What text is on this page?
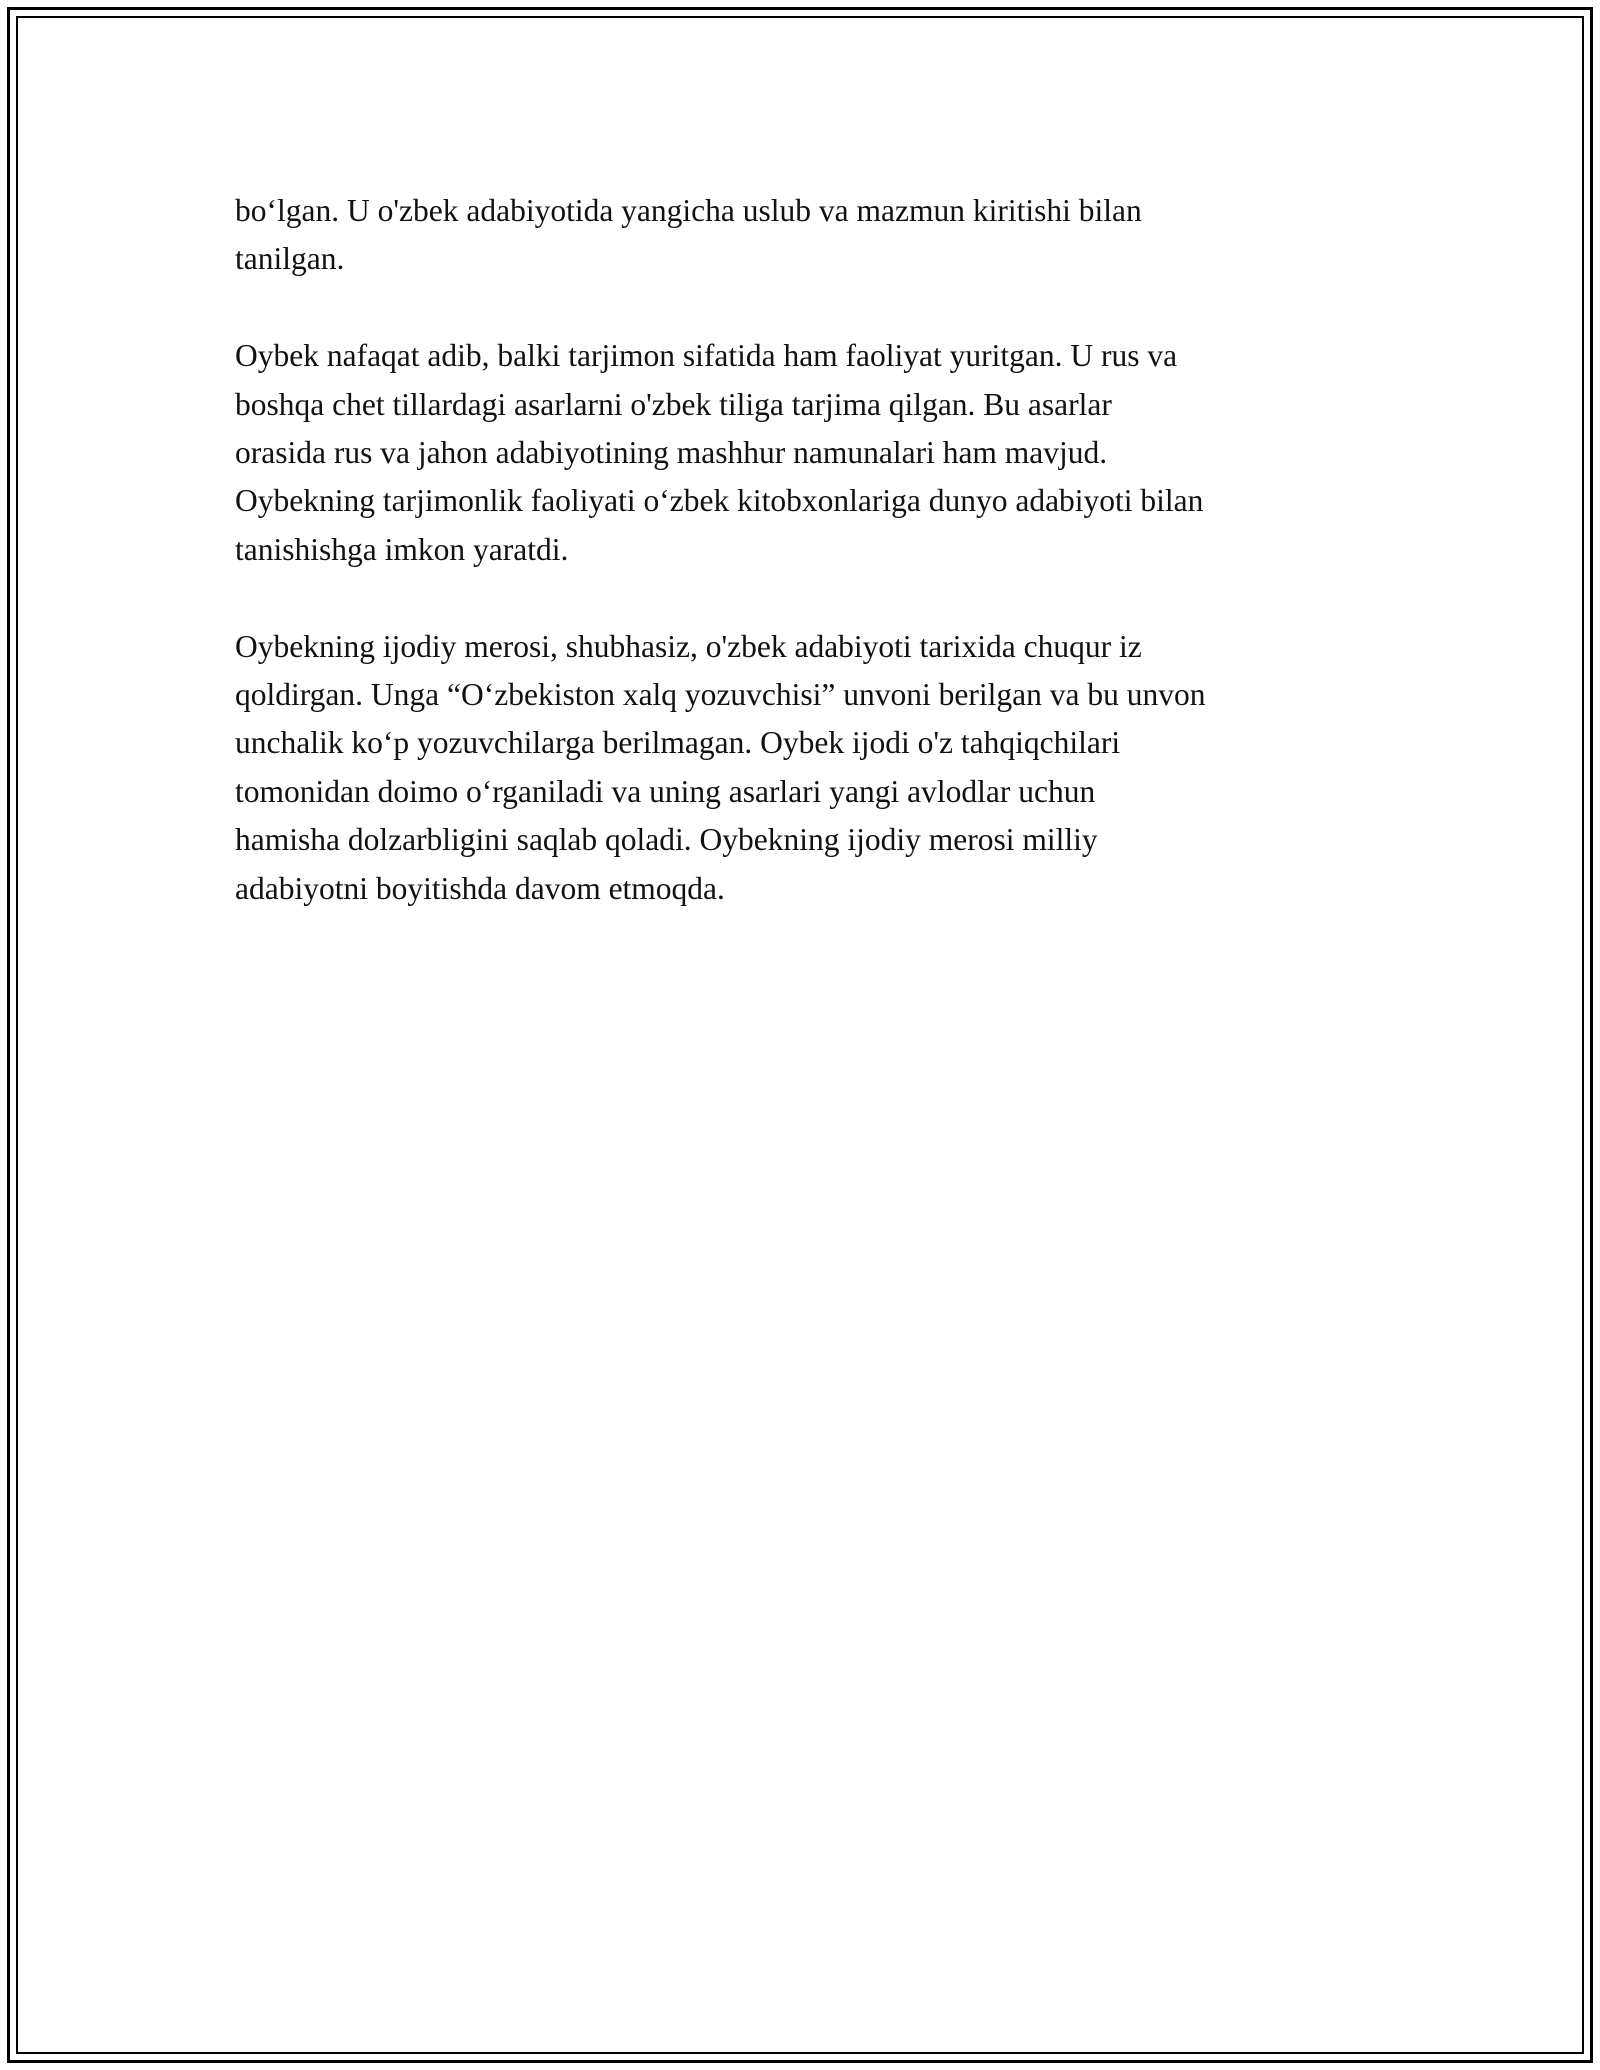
bo‘lgan. U o'zbek adabiyotida yangicha uslub va mazmun kiritishi bilan
tanilgan.
Oybek nafaqat adib, balki tarjimon sifatida ham faoliyat yuritgan. U rus va
boshqa chet tillardagi asarlarni o'zbek tiliga tarjima qilgan. Bu asarlar
orasida rus va jahon adabiyotining mashhur namunalari ham mavjud.
Oybekning tarjimonlik faoliyati o‘zbek kitobxonlariga dunyo adabiyoti bilan
tanishishga imkon yaratdi.
Oybekning ijodiy merosi, shubhasiz, o'zbek adabiyoti tarixida chuqur iz
qoldirgan. Unga “O‘zbekiston xalq yozuvchisi” unvoni berilgan va bu unvon
unchalik ko‘p yozuvchilarga berilmagan. Oybek ijodi o'z tahqiqchilari
tomonidan doimo o‘rganiladi va uning asarlari yangi avlodlar uchun
hamisha dolzarbligini saqlab qoladi. Oybekning ijodiy merosi milliy
adabiyotni boyitishda davom etmoqda.
